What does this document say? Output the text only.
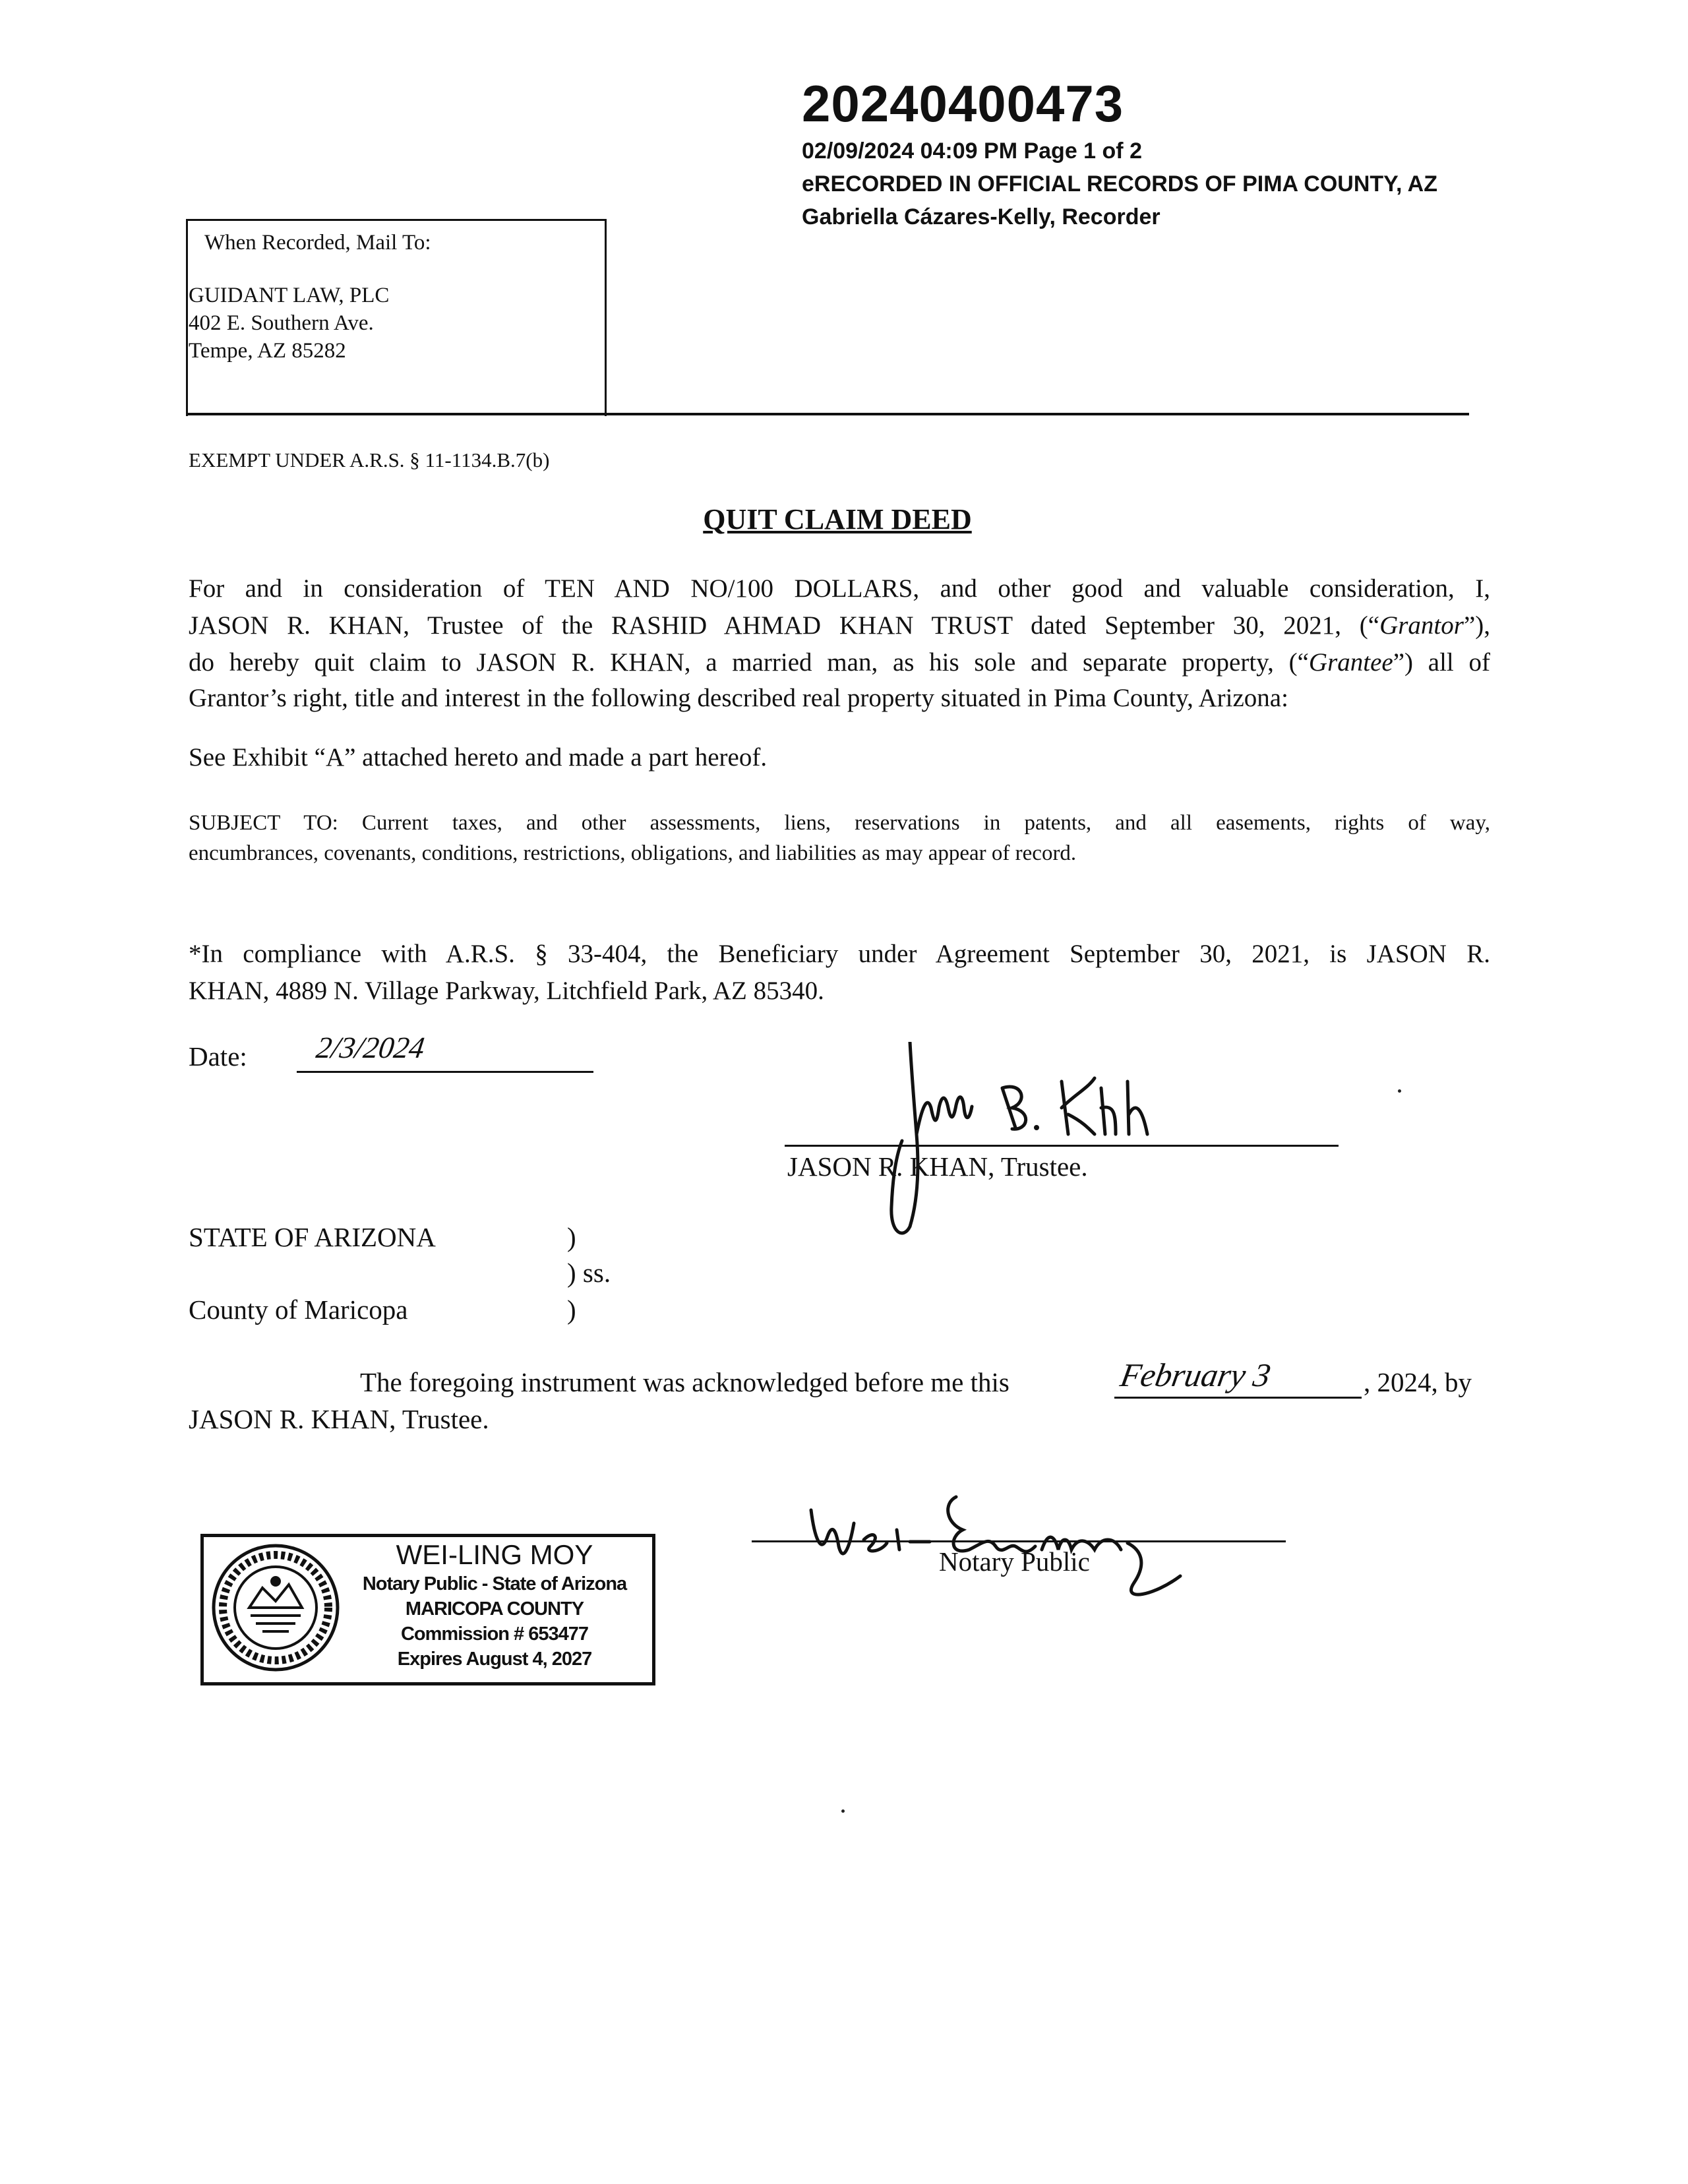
20240400473
02/09/2024 04:09 PM Page 1 of 2
eRECORDED IN OFFICIAL RECORDS OF PIMA COUNTY, AZ
Gabriella Cázares-Kelly, Recorder
When Recorded, Mail To:
GUIDANT LAW, PLC
402 E. Southern Ave.
Tempe, AZ 85282
EXEMPT UNDER A.R.S. § 11-1134.B.7(b)
QUIT CLAIM DEED
For and in consideration of TEN AND NO/100 DOLLARS, and other good and valuable consideration, I,
JASON R. KHAN, Trustee of the RASHID AHMAD KHAN TRUST dated September 30, 2021, (“Grantor”),
do hereby quit claim to JASON R. KHAN, a married man, as his sole and separate property, (“Grantee”) all of
Grantor’s right, title and interest in the following described real property situated in Pima County, Arizona:
See Exhibit “A” attached hereto and made a part hereof.
SUBJECT TO: Current taxes, and other assessments, liens, reservations in patents, and all easements, rights of way,
encumbrances, covenants, conditions, restrictions, obligations, and liabilities as may appear of record.
*In compliance with A.R.S. § 33-404, the Beneficiary under Agreement September 30, 2021, is JASON R.
KHAN, 4889 N. Village Parkway, Litchfield Park, AZ 85340.
Date: 2/3/2024
JASON R. KHAN, Trustee.
STATE OF ARIZONA	)
) ss.
County of Maricopa	)
The foregoing instrument was acknowledged before me this	February 3	, 2024, by
JASON R. KHAN, Trustee.
WEI-LING MOY
Notary Public - State of Arizona
MARICOPA COUNTY
Commission # 653477
Expires August 4, 2027
Notary Public
